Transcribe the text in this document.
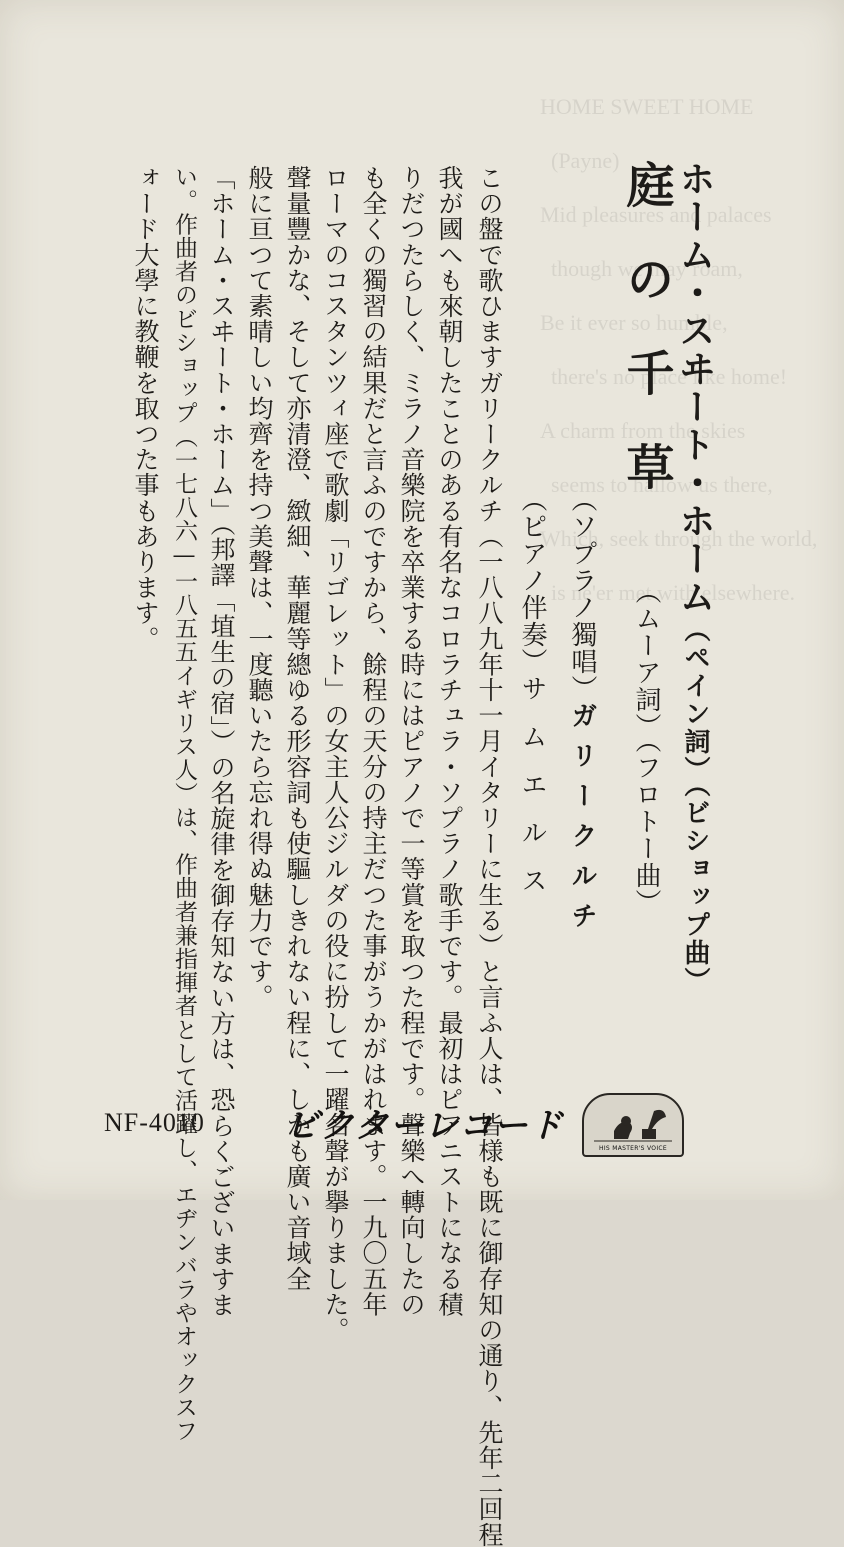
HOME SWEET HOME
(Payne)
Mid pleasures and palaces
though we may roam,
Be it ever so humble,
there's no place like home!
A charm from the skies
seems to hallow us there,
Which, seek through the world,
is ne'er met with elsewhere.
ホーム・スヰート・ホーム（ペイン詞）（ビショップ曲）
庭の千草
（ムーア詞）（フロトー曲）
（ソプラノ獨唱）ガリークルチ
（ピアノ伴奏）サムエルス
この盤で歌ひますガリークルチ（一八八九年十一月イタリーに生る）と言ふ人は、皆様も既に御存知の通り、先年二回程
我が國へも來朝したことのある有名なコロラチュラ・ソプラノ歌手です。最初はピアニストになる積
りだつたらしく、ミラノ音樂院を卒業する時にはピアノで一等賞を取つた程です。聲樂へ轉向したの
も全くの獨習の結果だと言ふのですから、餘程の天分の持主だつた事がうかがはれます。一九〇五年
ローマのコスタンツィ座で歌劇「リゴレット」の女主人公ジルダの役に扮して一躍名聲が擧りました。
聲量豐かな、そして亦清澄、緻細、華麗等總ゆる形容詞も使驅しきれない程に、しかも廣い音域全
般に亘つて素晴しい均齊を持つ美聲は、一度聽いたら忘れ得ぬ魅力です。
「ホーム・スヰート・ホーム」（邦譯「埴生の宿」）の名旋律を御存知ない方は、恐らくございますま
い。作曲者のビショップ（一七八六—一八五五イギリス人）は、作曲者兼指揮者として活躍し、エヂンバラやオックスフ
ォード大學に教鞭を取つた事もあります。
NF-4010 ビクターレコード
HIS MASTER'S VOICE
